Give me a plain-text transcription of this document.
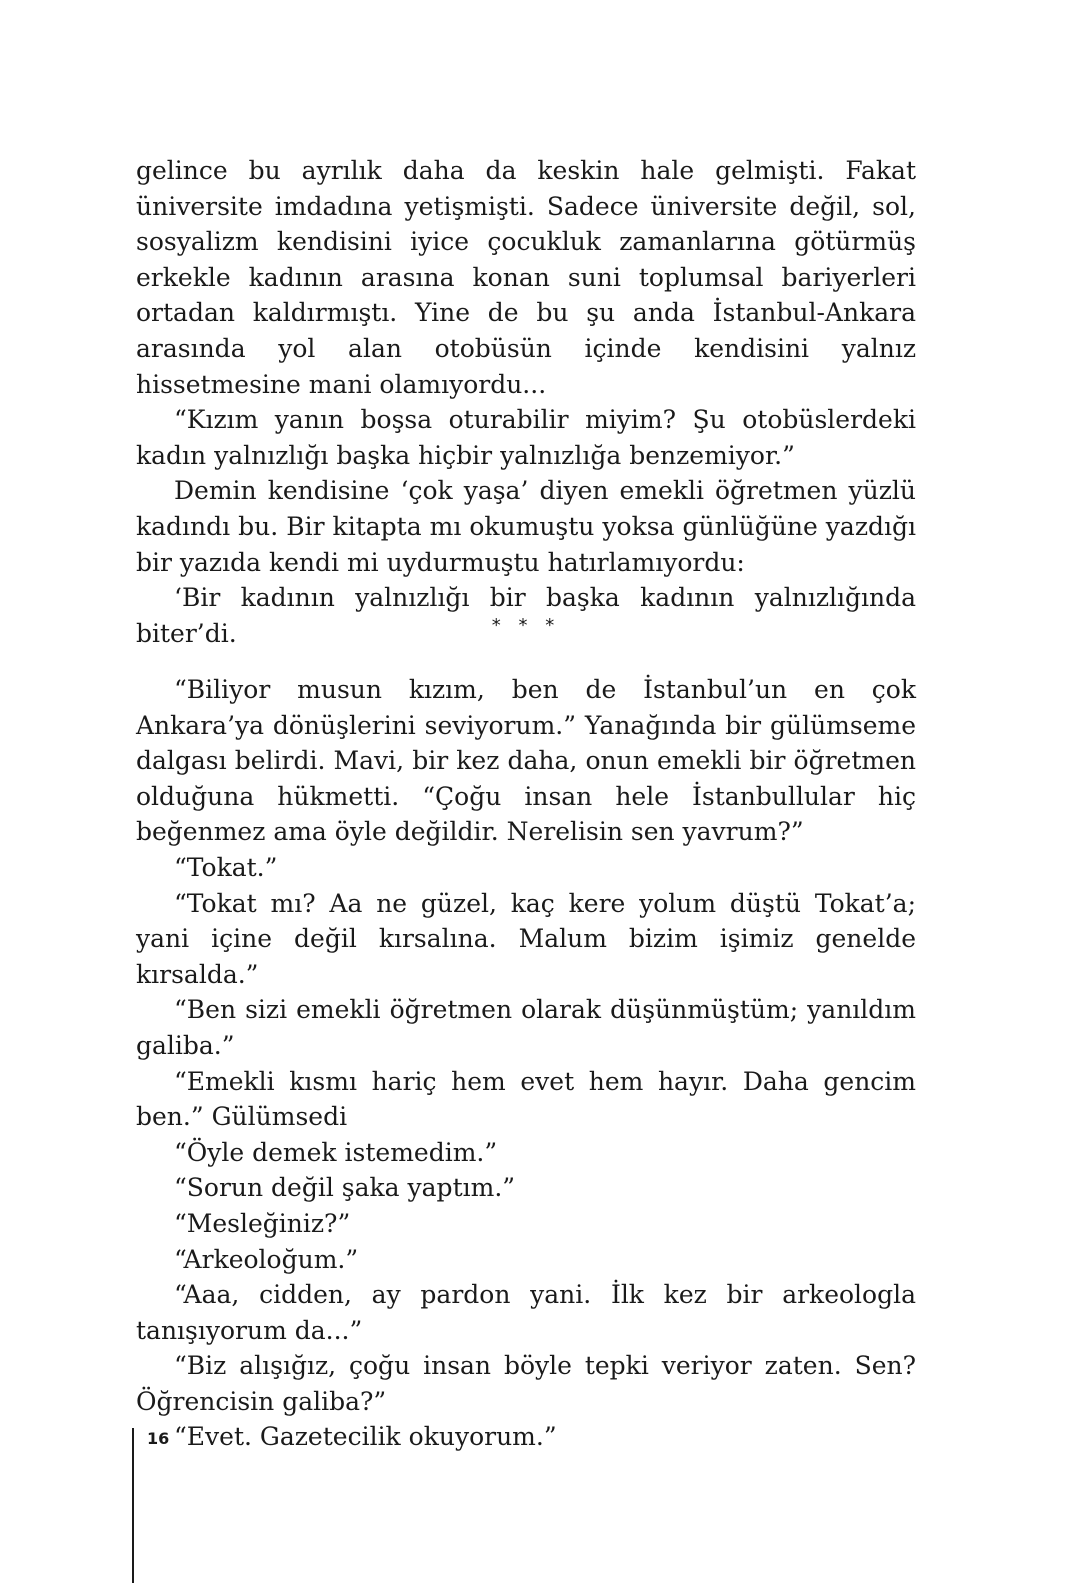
gelince bu ayrılık daha da keskin hale gelmişti. Fakat üniversite imdadına yetişmişti. Sadece üniversite değil, sol, sosyalizm kendisini iyice çocukluk zamanlarına götürmüş erkekle kadının arasına konan suni toplumsal bariyerleri ortadan kaldırmıştı. Yine de bu şu anda İstanbul-Ankara arasında yol alan otobüsün içinde kendisini yalnız hissetmesine mani olamıyordu...

“Kızım yanın boşsa oturabilir miyim? Şu otobüslerdeki kadın yalnızlığı başka hiçbir yalnızlığa benzemiyor.”

Demin kendisine ‘çok yaşa’ diyen emekli öğretmen yüzlü kadındı bu. Bir kitapta mı okumuştu yoksa günlüğüne yazdığı bir yazıda kendi mi uydurmuştu hatırlamıyordu:

‘Bir kadının yalnızlığı bir başka kadının yalnızlığında biter’di.	* * *

“Biliyor musun kızım, ben de İstanbul’un en çok Ankara’ya dönüşlerini seviyorum.” Yanağında bir gülümseme dalgası belirdi. Mavi, bir kez daha, onun emekli bir öğretmen olduğuna hükmetti. “Çoğu insan hele İstanbullular hiç beğenmez ama öyle değildir. Nerelisin sen yavrum?”

“Tokat.”

“Tokat mı? Aa ne güzel, kaç kere yolum düştü Tokat’a; yani içine değil kırsalına. Malum bizim işimiz genelde kırsalda.”

“Ben sizi emekli öğretmen olarak düşünmüştüm; yanıldım galiba.”

“Emekli kısmı hariç hem evet hem hayır. Daha gencim ben.” Gülümsedi

“Öyle demek istemedim.”

“Sorun değil şaka yaptım.”

“Mesleğiniz?”

“Arkeoloğum.”

“Aaa, cidden, ay pardon yani. İlk kez bir arkeologla tanışıyorum da...”

“Biz alışığız, çoğu insan böyle tepki veriyor zaten. Sen? Öğrencisin galiba?”

“Evet. Gazetecilik okuyorum.”

16
